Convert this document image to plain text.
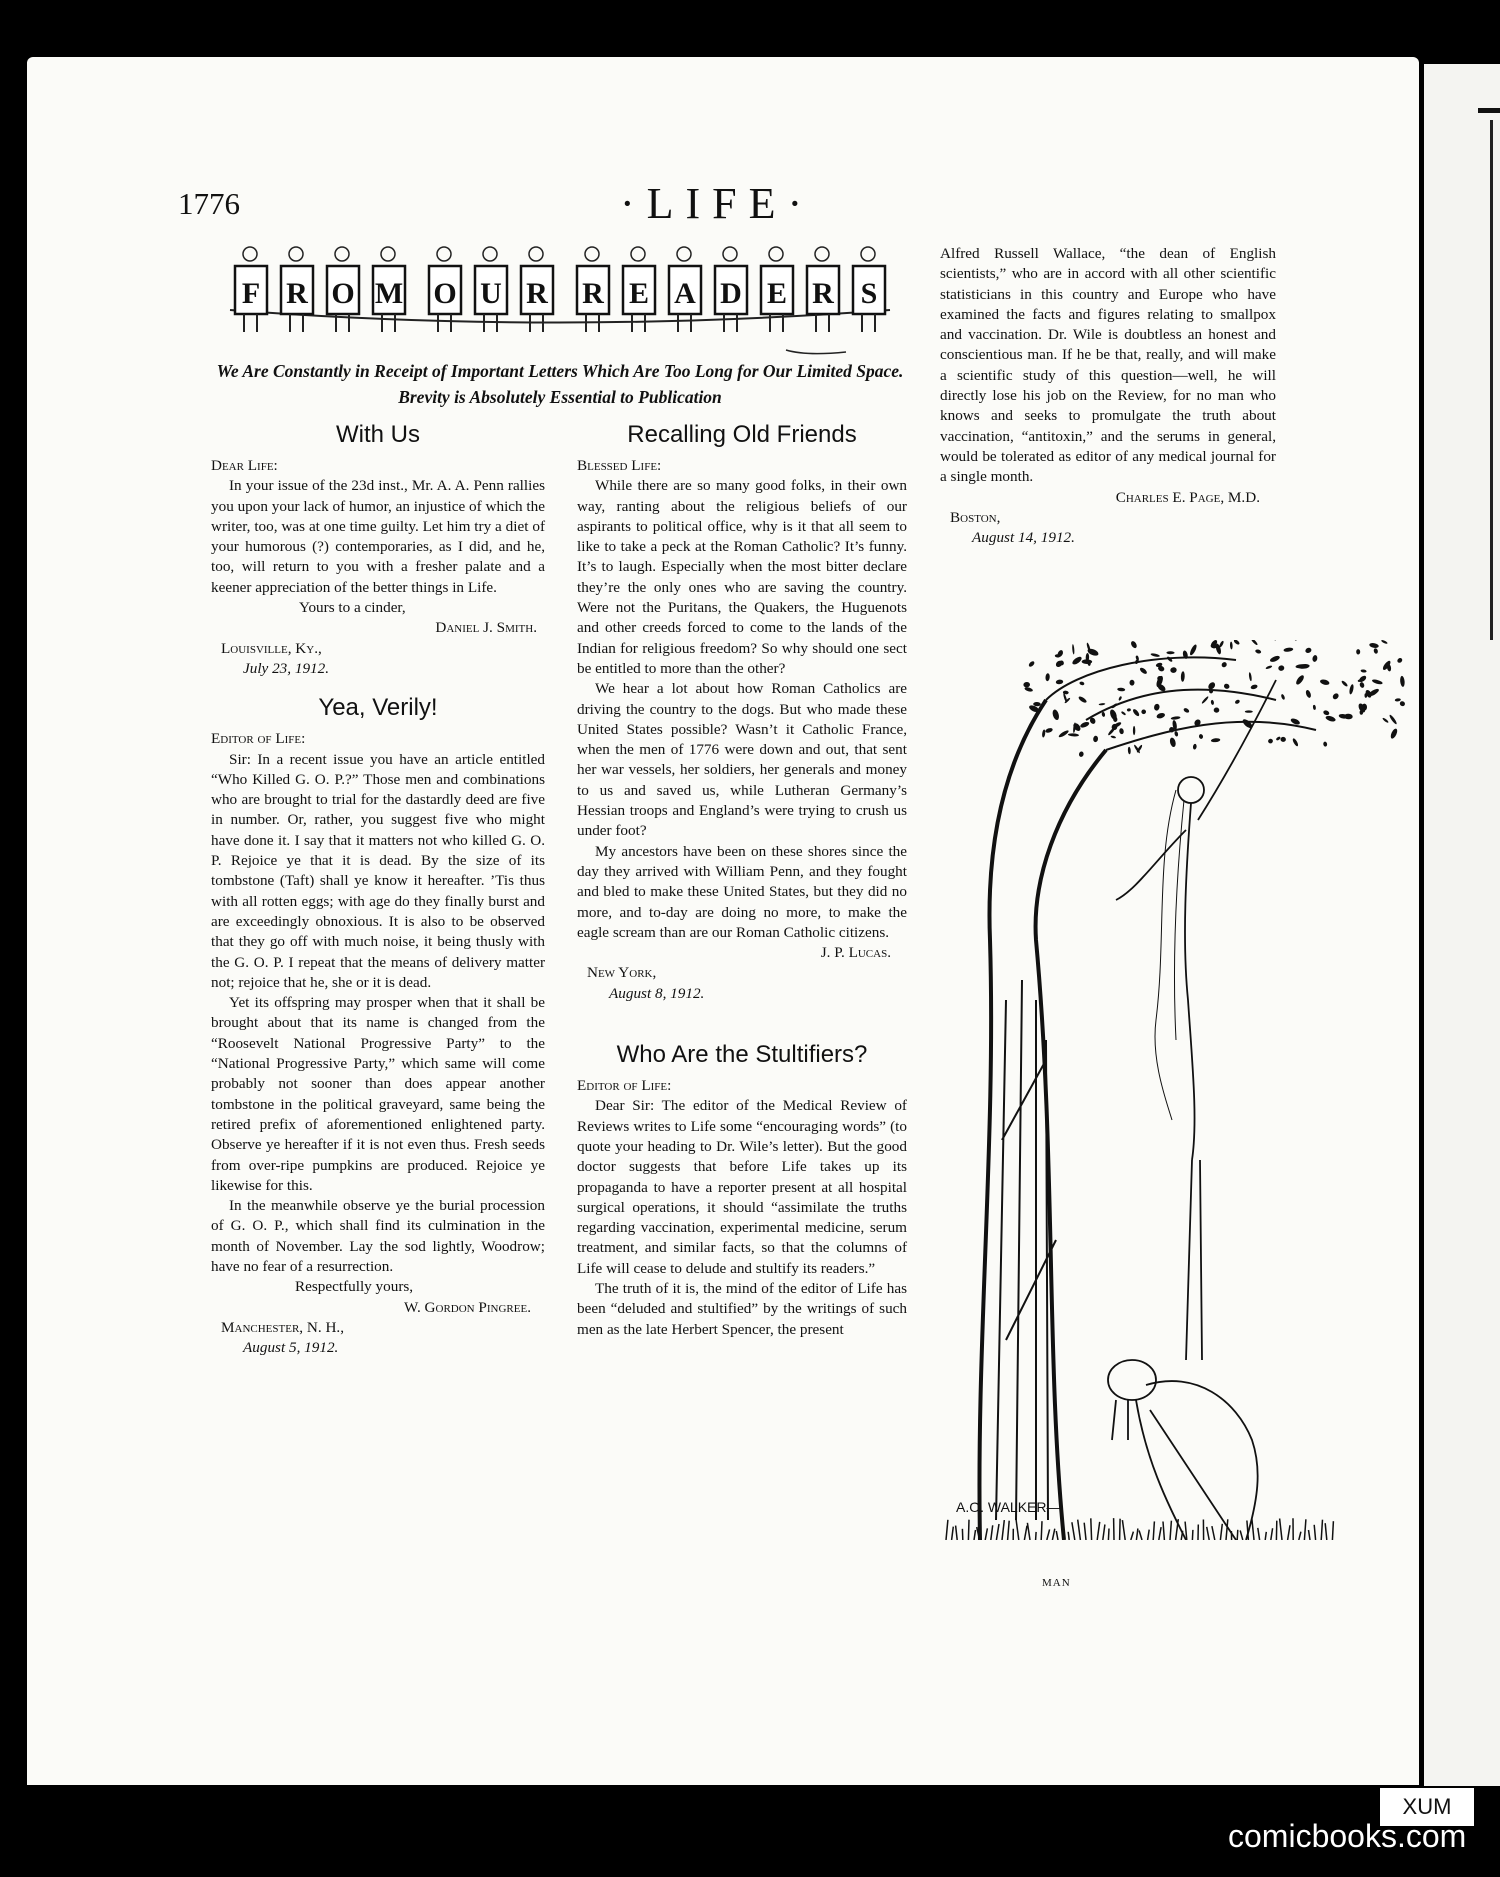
1776	·LIFE·
F R O M O U R R E A D E R S
We Are Constantly in Receipt of Important Letters Which Are Too Long for Our Limited Space. Brevity is Absolutely Essential to Publication
With Us

Dear Life:

In your issue of the 23d inst., Mr. A. A. Penn rallies you upon your lack of humor, an injustice of which the writer, too, was at one time guilty. Let him try a diet of your humorous (?) contemporaries, as I did, and he, too, will return to you with a fresher palate and a keener appreciation of the better things in Life.

Yours to a cinder,

Daniel J. Smith.

Louisville, Ky.,

July 23, 1912.

Yea, Verily!

Editor of Life:

Sir: In a recent issue you have an article entitled “Who Killed G. O. P.?” Those men and combinations who are brought to trial for the dastardly deed are five in number. Or, rather, you suggest five who might have done it. I say that it matters not who killed G. O. P. Rejoice ye that it is dead. By the size of its tombstone (Taft) shall ye know it hereafter. ’Tis thus with all rotten eggs; with age do they finally burst and are exceedingly obnoxious. It is also to be observed that they go off with much noise, it being thusly with the G. O. P. I repeat that the means of delivery matter not; rejoice that he, she or it is dead.

Yet its offspring may prosper when that it shall be brought about that its name is changed from the “Roosevelt National Progressive Party” to the “National Progressive Party,” which same will come probably not sooner than does appear another tombstone in the political graveyard, same being the retired prefix of aforementioned enlightened party. Observe ye hereafter if it is not even thus. Fresh seeds from over-ripe pumpkins are produced. Rejoice ye likewise for this.

In the meanwhile observe ye the burial procession of G. O. P., which shall find its culmination in the month of November. Lay the sod lightly, Woodrow; have no fear of a resurrection.

Respectfully yours,

W. Gordon Pingree.

Manchester, N. H.,

August 5, 1912.

Recalling Old Friends

Blessed Life:

While there are so many good folks, in their own way, ranting about the religious beliefs of our aspirants to political office, why is it that all seem to like to take a peck at the Roman Catholic? It’s funny. It’s to laugh. Especially when the most bitter declare they’re the only ones who are saving the country. Were not the Puritans, the Quakers, the Huguenots and other creeds forced to come to the lands of the Indian for religious freedom? So why should one sect be entitled to more than the other?

We hear a lot about how Roman Catholics are driving the country to the dogs. But who made these United States possible? Wasn’t it Catholic France, when the men of 1776 were down and out, that sent her war vessels, her soldiers, her generals and money to us and saved us, while Lutheran Germany’s Hessian troops and England’s were trying to crush us under foot?

My ancestors have been on these shores since the day they arrived with William Penn, and they fought and bled to make these United States, but they did no more, and to-day are doing no more, to make the eagle scream than are our Roman Catholic citizens.

J. P. Lucas.

New York,

August 8, 1912.

Who Are the Stultifiers?

Editor of Life:

Dear Sir: The editor of the Medical Review of Reviews writes to Life some “encouraging words” (to quote your heading to Dr. Wile’s letter). But the good doctor suggests that before Life takes up its propaganda to have a reporter present at all hospital surgical operations, it should “assimilate the truths regarding vaccination, experimental medicine, serum treatment, and similar facts, so that the columns of Life will cease to delude and stultify its readers.”

The truth of it is, the mind of the editor of Life has been “deluded and stultified” by the writings of such men as the late Herbert Spencer, the present

Alfred Russell Wallace, “the dean of English scientists,” who are in accord with all other scientific statisticians in this country and Europe who have examined the facts and figures relating to smallpox and vaccination. Dr. Wile is doubtless an honest and conscientious man. If he be that, really, and will make a scientific study of this question—well, he will directly lose his job on the Review, for no man who knows and seeks to promulgate the truth about vaccination, “antitoxin,” and the serums in general, would be tolerated as editor of any medical journal for a single month.

Charles E. Page, M.D.

Boston,

August 14, 1912.

A.O. WALKER—
MAN
XUM
comicbooks.com
